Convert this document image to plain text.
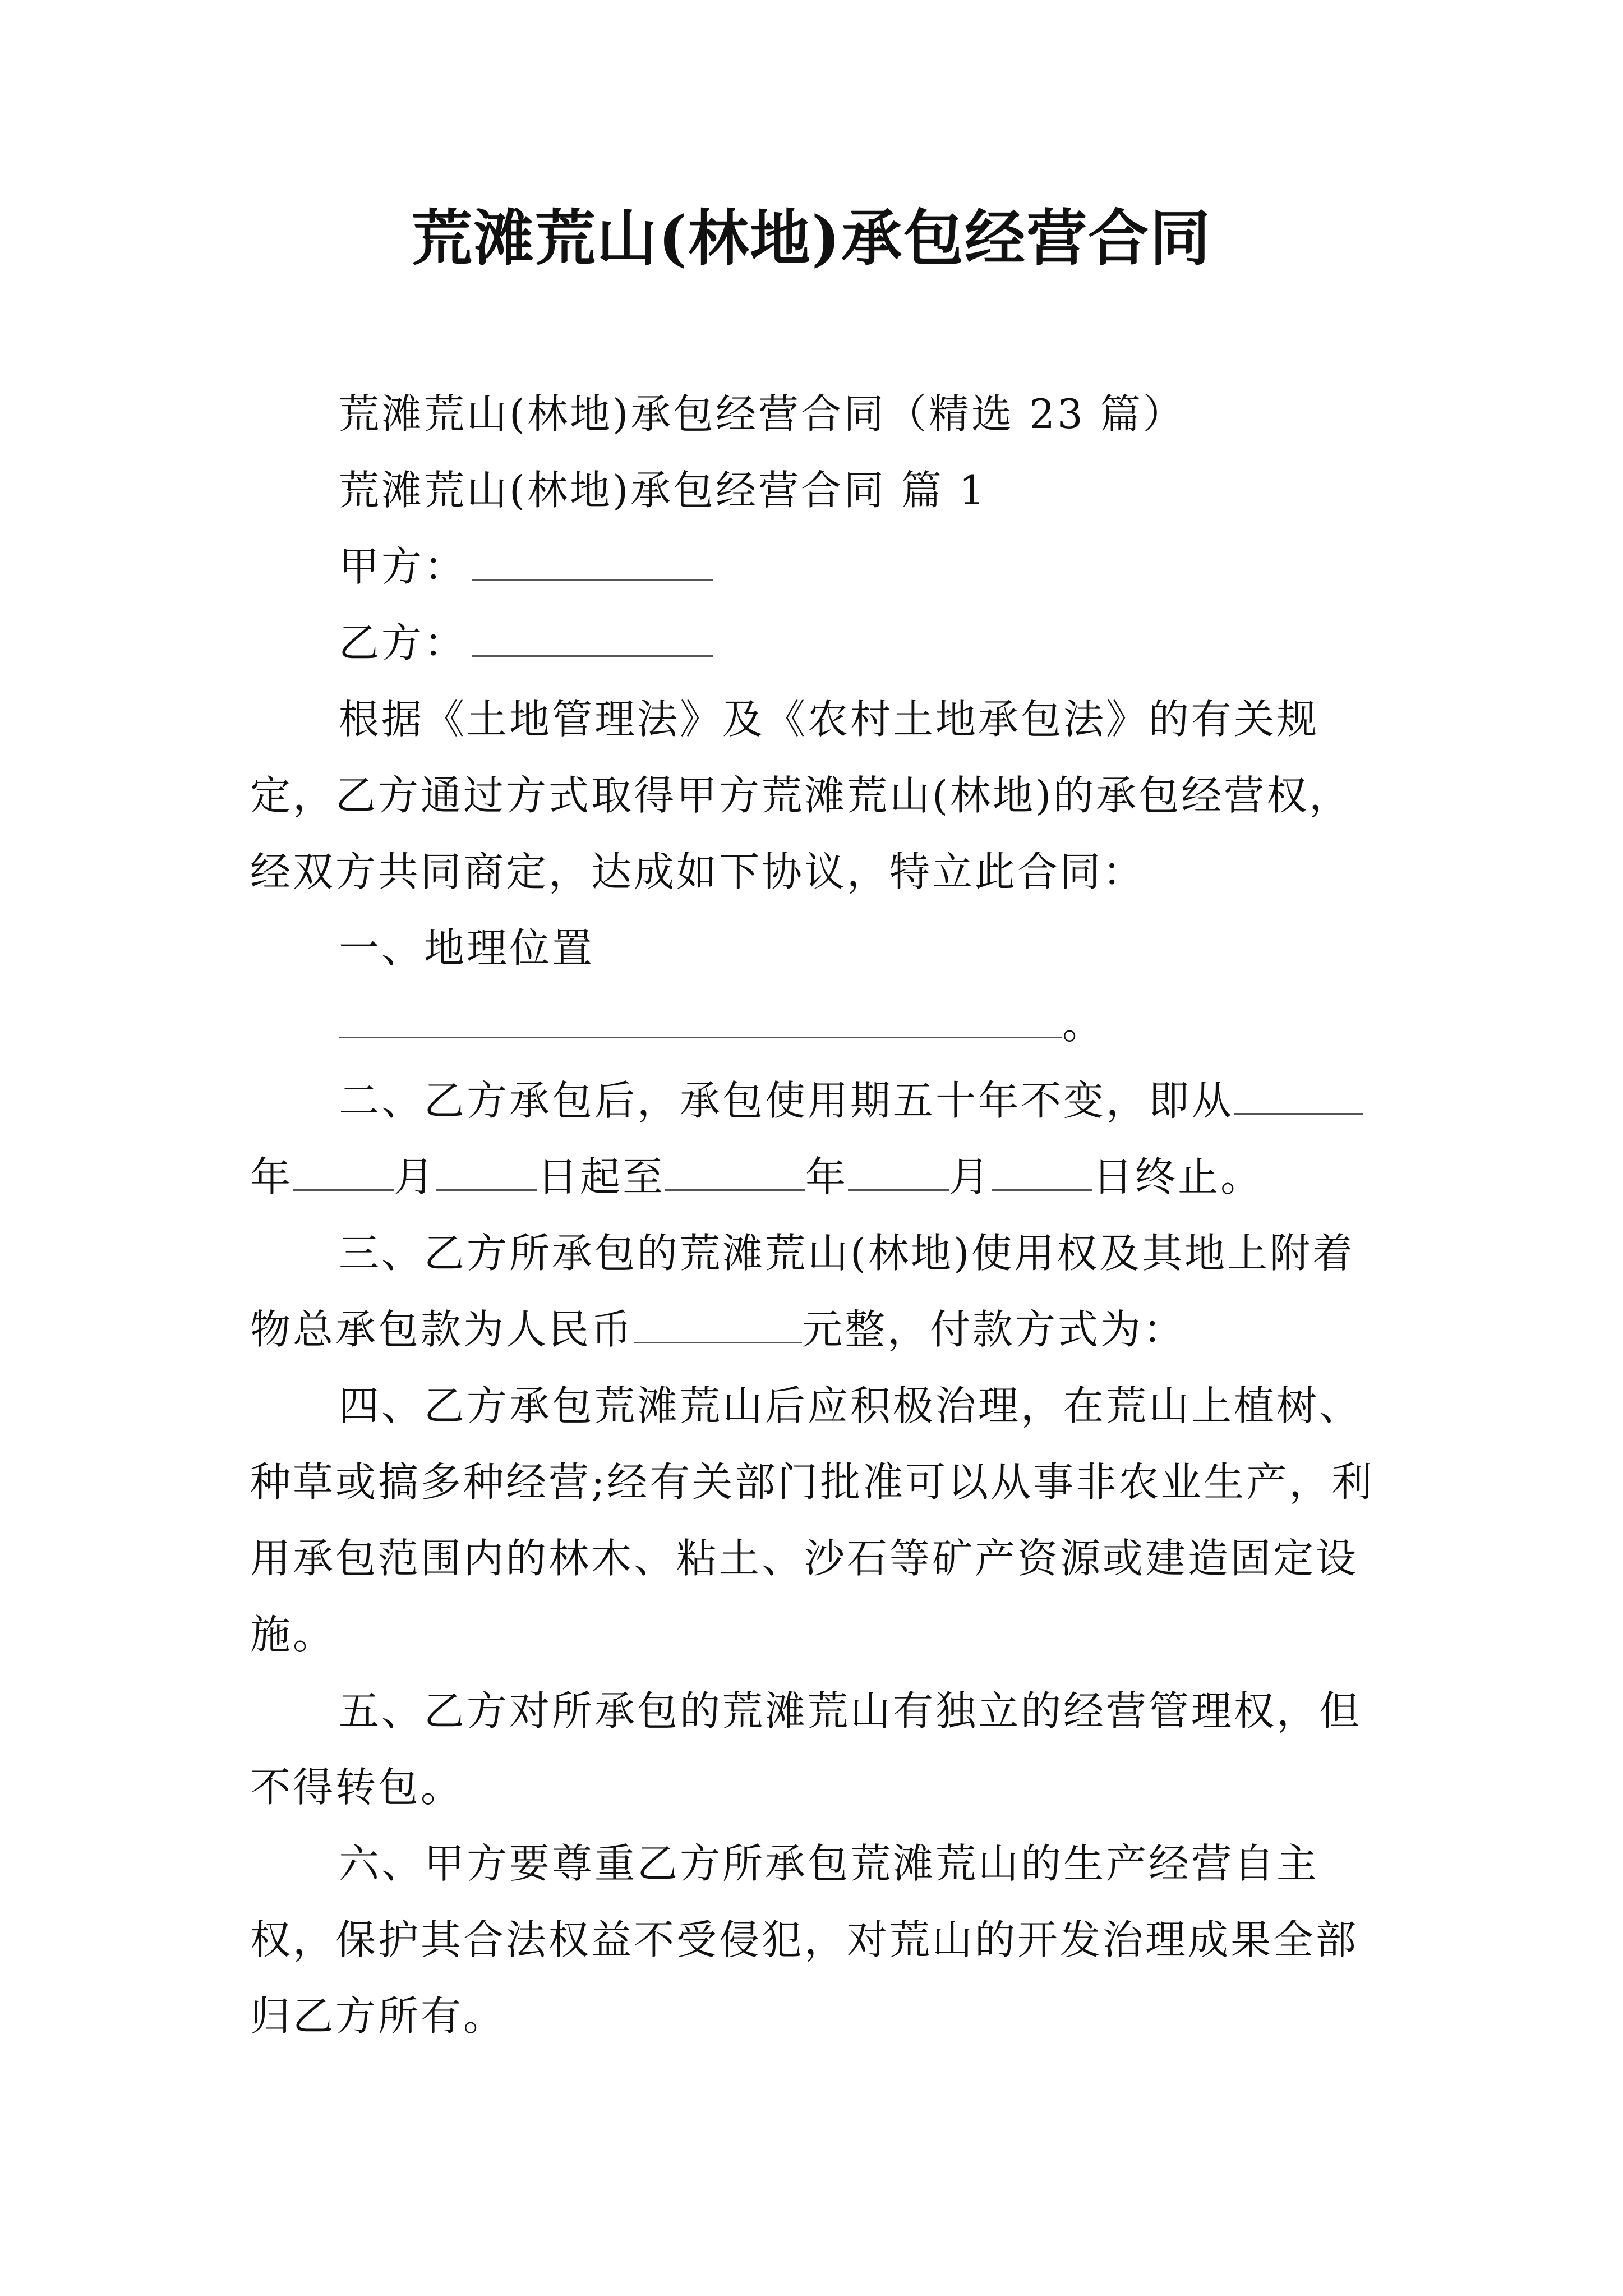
荒滩荒山(林地)承包经营合同

荒滩荒山(林地)承包经营合同（精选 23 篇）

荒滩荒山(林地)承包经营合同 篇 1

甲方：

乙方：

根据《土地管理法》及《农村土地承包法》的有关规定，乙方通过方式取得甲方荒滩荒山(林地)的承包经营权，经双方共同商定，达成如下协议，特立此合同：

一、地理位置

。

二、乙方承包后，承包使用期五十年不变，即从年	月	日起至	年	月	日终止。

三、乙方所承包的荒滩荒山(林地)使用权及其地上附着物总承包款为人民币	元整，付款方式为：

四、乙方承包荒滩荒山后应积极治理，在荒山上植树、种草或搞多种经营;经有关部门批准可以从事非农业生产，利用承包范围内的林木、粘土、沙石等矿产资源或建造固定设施。

五、乙方对所承包的荒滩荒山有独立的经营管理权，但不得转包。

六、甲方要尊重乙方所承包荒滩荒山的生产经营自主权，保护其合法权益不受侵犯，对荒山的开发治理成果全部归乙方所有。
